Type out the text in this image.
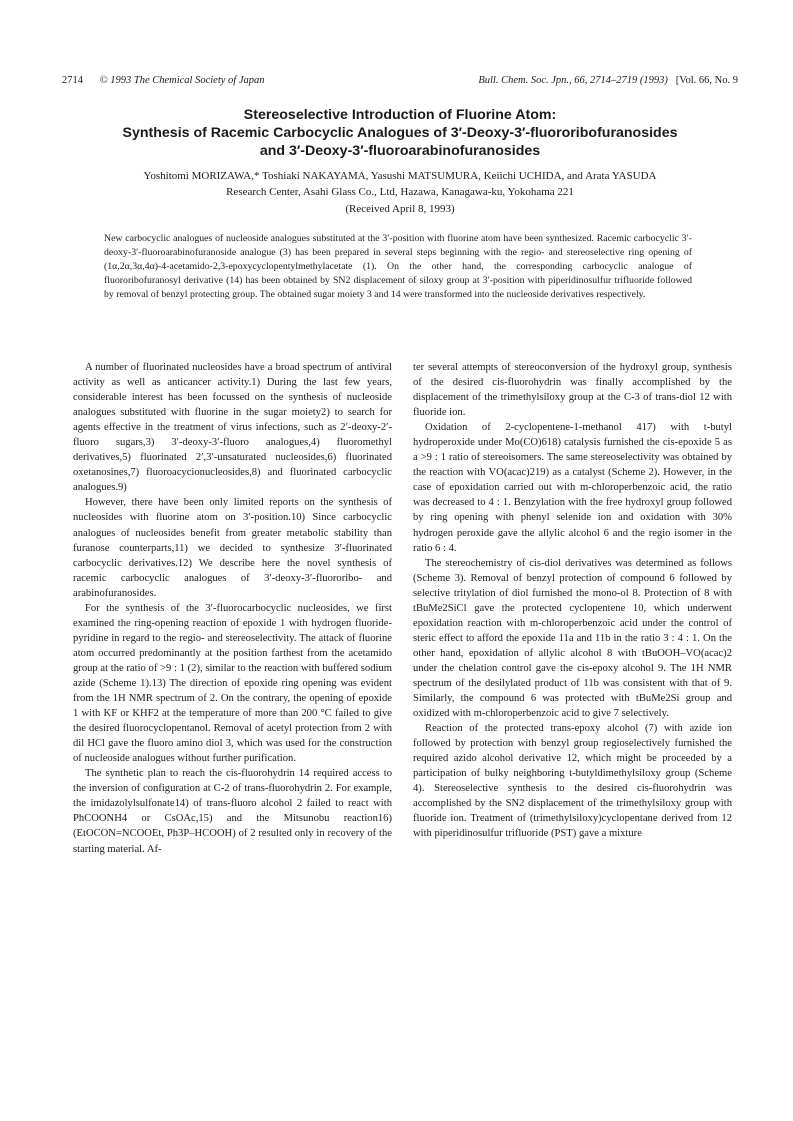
2714 © 1993 The Chemical Society of Japan	Bull. Chem. Soc. Jpn., 66, 2714–2719 (1993) [Vol. 66, No. 9
Stereoselective Introduction of Fluorine Atom:
Synthesis of Racemic Carbocyclic Analogues of 3′-Deoxy-3′-fluororibofuranosides
and 3′-Deoxy-3′-fluoroarabinofuranosides
Yoshitomi MORIZAWA,* Toshiaki NAKAYAMA, Yasushi MATSUMURA, Keiichi UCHIDA, and Arata YASUDA
Research Center, Asahi Glass Co., Ltd, Hazawa, Kanagawa-ku, Yokohama 221
(Received April 8, 1993)

New carbocyclic analogues of nucleoside analogues substituted at the 3′-position with fluorine atom have been synthesized. Racemic carbocyclic 3′-deoxy-3′-fluoroarabinofuranoside analogue (3) has been prepared in several steps beginning with the regio- and stereoselective ring opening of (1α,2α,3α,4α)-4-acetamido-2,3-epoxycyclopentylmethylacetate (1). On the other hand, the corresponding carbocyclic analogue of fluororibofuranosyl derivative (14) has been obtained by SN2 displacement of siloxy group at 3′-position with piperidinosulfur trifluoride followed by removal of benzyl protecting group. The obtained sugar moiety 3 and 14 were transformed into the nucleoside derivatives respectively.

A number of fluorinated nucleosides have a broad spectrum of antiviral activity as well as anticancer activity.1) During the last few years, considerable interest has been focussed on the synthesis of nucleoside analogues substituted with fluorine in the sugar moiety2) to search for agents effective in the treatment of virus infections, such as 2′-deoxy-2′-fluoro sugars,3) 3′-deoxy-3′-fluoro analogues,4) fluoromethyl derivatives,5) fluorinated 2′,3′-unsaturated nucleosides,6) fluorinated oxetanosines,7) fluoroacycionucleosides,8) and fluorinated carbocyclic analogues.9)

However, there have been only limited reports on the synthesis of nucleosides with fluorine atom on 3′-position.10) Since carbocyclic analogues of nucleosides benefit from greater metabolic stability than furanose counterparts,11) we decided to synthesize 3′-fluorinated carbocyclic derivatives.12) We describe here the novel synthesis of racemic carbocyclic analogues of 3′-deoxy-3′-fluororibo- and arabinofuranosides.

For the synthesis of the 3′-fluorocarbocyclic nucleosides, we first examined the ring-opening reaction of epoxide 1 with hydrogen fluoride-pyridine in regard to the regio- and stereoselectivity. The attack of fluorine atom occurred predominantly at the position farthest from the acetamido group at the ratio of >9 : 1 (2), similar to the reaction with buffered sodium azide (Scheme 1).13) The direction of epoxide ring opening was evident from the 1H NMR spectrum of 2. On the contrary, the opening of epoxide 1 with KF or KHF2 at the temperature of more than 200 °C failed to give the desired fluorocyclopentanol. Removal of acetyl protection from 2 with dil HCl gave the fluoro amino diol 3, which was used for the construction of nucleoside analogues without further purification.

The synthetic plan to reach the cis-fluorohydrin 14 required access to the inversion of configuration at C-2 of trans-fluorohydrin 2. For example, the imidazolylsulfonate14) of trans-fluoro alcohol 2 failed to react with PhCOONH4 or CsOAc,15) and the Mitsunobu reaction16) (EtOCON=NCOOEt, Ph3P–HCOOH) of 2 resulted only in recovery of the starting material. Af-

ter several attempts of stereoconversion of the hydroxyl group, synthesis of the desired cis-fluorohydrin was finally accomplished by the displacement of the trimethylsiloxy group at the C-3 of trans-diol 12 with fluoride ion.

Oxidation of 2-cyclopentene-1-methanol 417) with t-butyl hydroperoxide under Mo(CO)618) catalysis furnished the cis-epoxide 5 as a >9 : 1 ratio of stereoisomers. The same stereoselectivity was obtained by the reaction with VO(acac)219) as a catalyst (Scheme 2). However, in the case of epoxidation carried out with m-chloroperbenzoic acid, the ratio was decreased to 4 : 1. Benzylation with the free hydroxyl group followed by ring opening with phenyl selenide ion and oxidation with 30% hydrogen peroxide gave the allylic alcohol 6 and the regio isomer in the ratio 6 : 4.

The stereochemistry of cis-diol derivatives was determined as follows (Scheme 3). Removal of benzyl protection of compound 6 followed by selective tritylation of diol furnished the mono-ol 8. Protection of 8 with tBuMe2SiCl gave the protected cyclopentene 10, which underwent epoxidation reaction with m-chloroperbenzoic acid under the control of steric effect to afford the epoxide 11a and 11b in the ratio 3 : 4 : 1. On the other hand, epoxidation of allylic alcohol 8 with tBuOOH–VO(acac)2 under the chelation control gave the cis-epoxy alcohol 9. The 1H NMR spectrum of the desilylated product of 11b was consistent with that of 9. Similarly, the compound 6 was protected with tBuMe2Si group and oxidized with m-chloroperbenzoic acid to give 7 selectively.

Reaction of the protected trans-epoxy alcohol (7) with azide ion followed by protection with benzyl group regioselectively furnished the required azido alcohol derivative 12, which might be proceeded by a participation of bulky neighboring t-butyldimethylsiloxy group (Scheme 4). Stereoselective synthesis to the desired cis-fluorohydrin was accomplished by the SN2 displacement of the trimethylsiloxy group with fluoride ion. Treatment of (trimethylsiloxy)cyclopentane derived from 12 with piperidinosulfur trifluoride (PST) gave a mixture
